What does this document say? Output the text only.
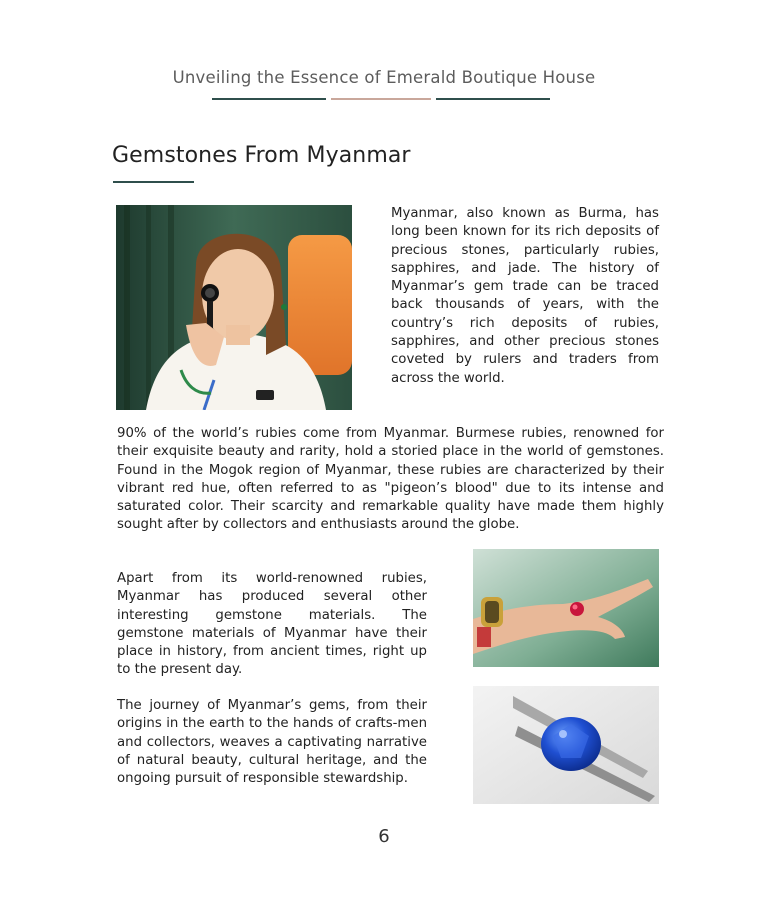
Unveiling the Essence of Emerald Boutique House
Gemstones From Myanmar
Myanmar, also known as Burma, has long been known for its rich deposits of precious stones, particularly rubies, sapphires, and jade. The history of Myanmar’s gem trade can be traced back thousands of years, with the country’s rich deposits of rubies, sapphires, and other precious stones coveted by rulers and traders from across the world.
90% of the world’s rubies come from Myanmar. Burmese rubies, renowned for their exquisite beauty and rarity, hold a storied place in the world of gemstones. Found in the Mogok region of Myanmar, these rubies are characterized by their vibrant red hue, often referred to as "pigeon’s blood" due to its intense and saturated color. Their scarcity and remarkable quality have made them highly sought after by collectors and enthusiasts around the globe.
Apart from its world-renowned rubies, Myanmar has produced several other interesting gemstone materials. The gemstone materials of Myanmar have their place in history, from ancient times, right up to the present day.
The journey of Myanmar’s gems, from their origins in the earth to the hands of crafts-men and collectors, weaves a captivating narrative of natural beauty, cultural heritage, and the ongoing pursuit of responsible stewardship.
6
